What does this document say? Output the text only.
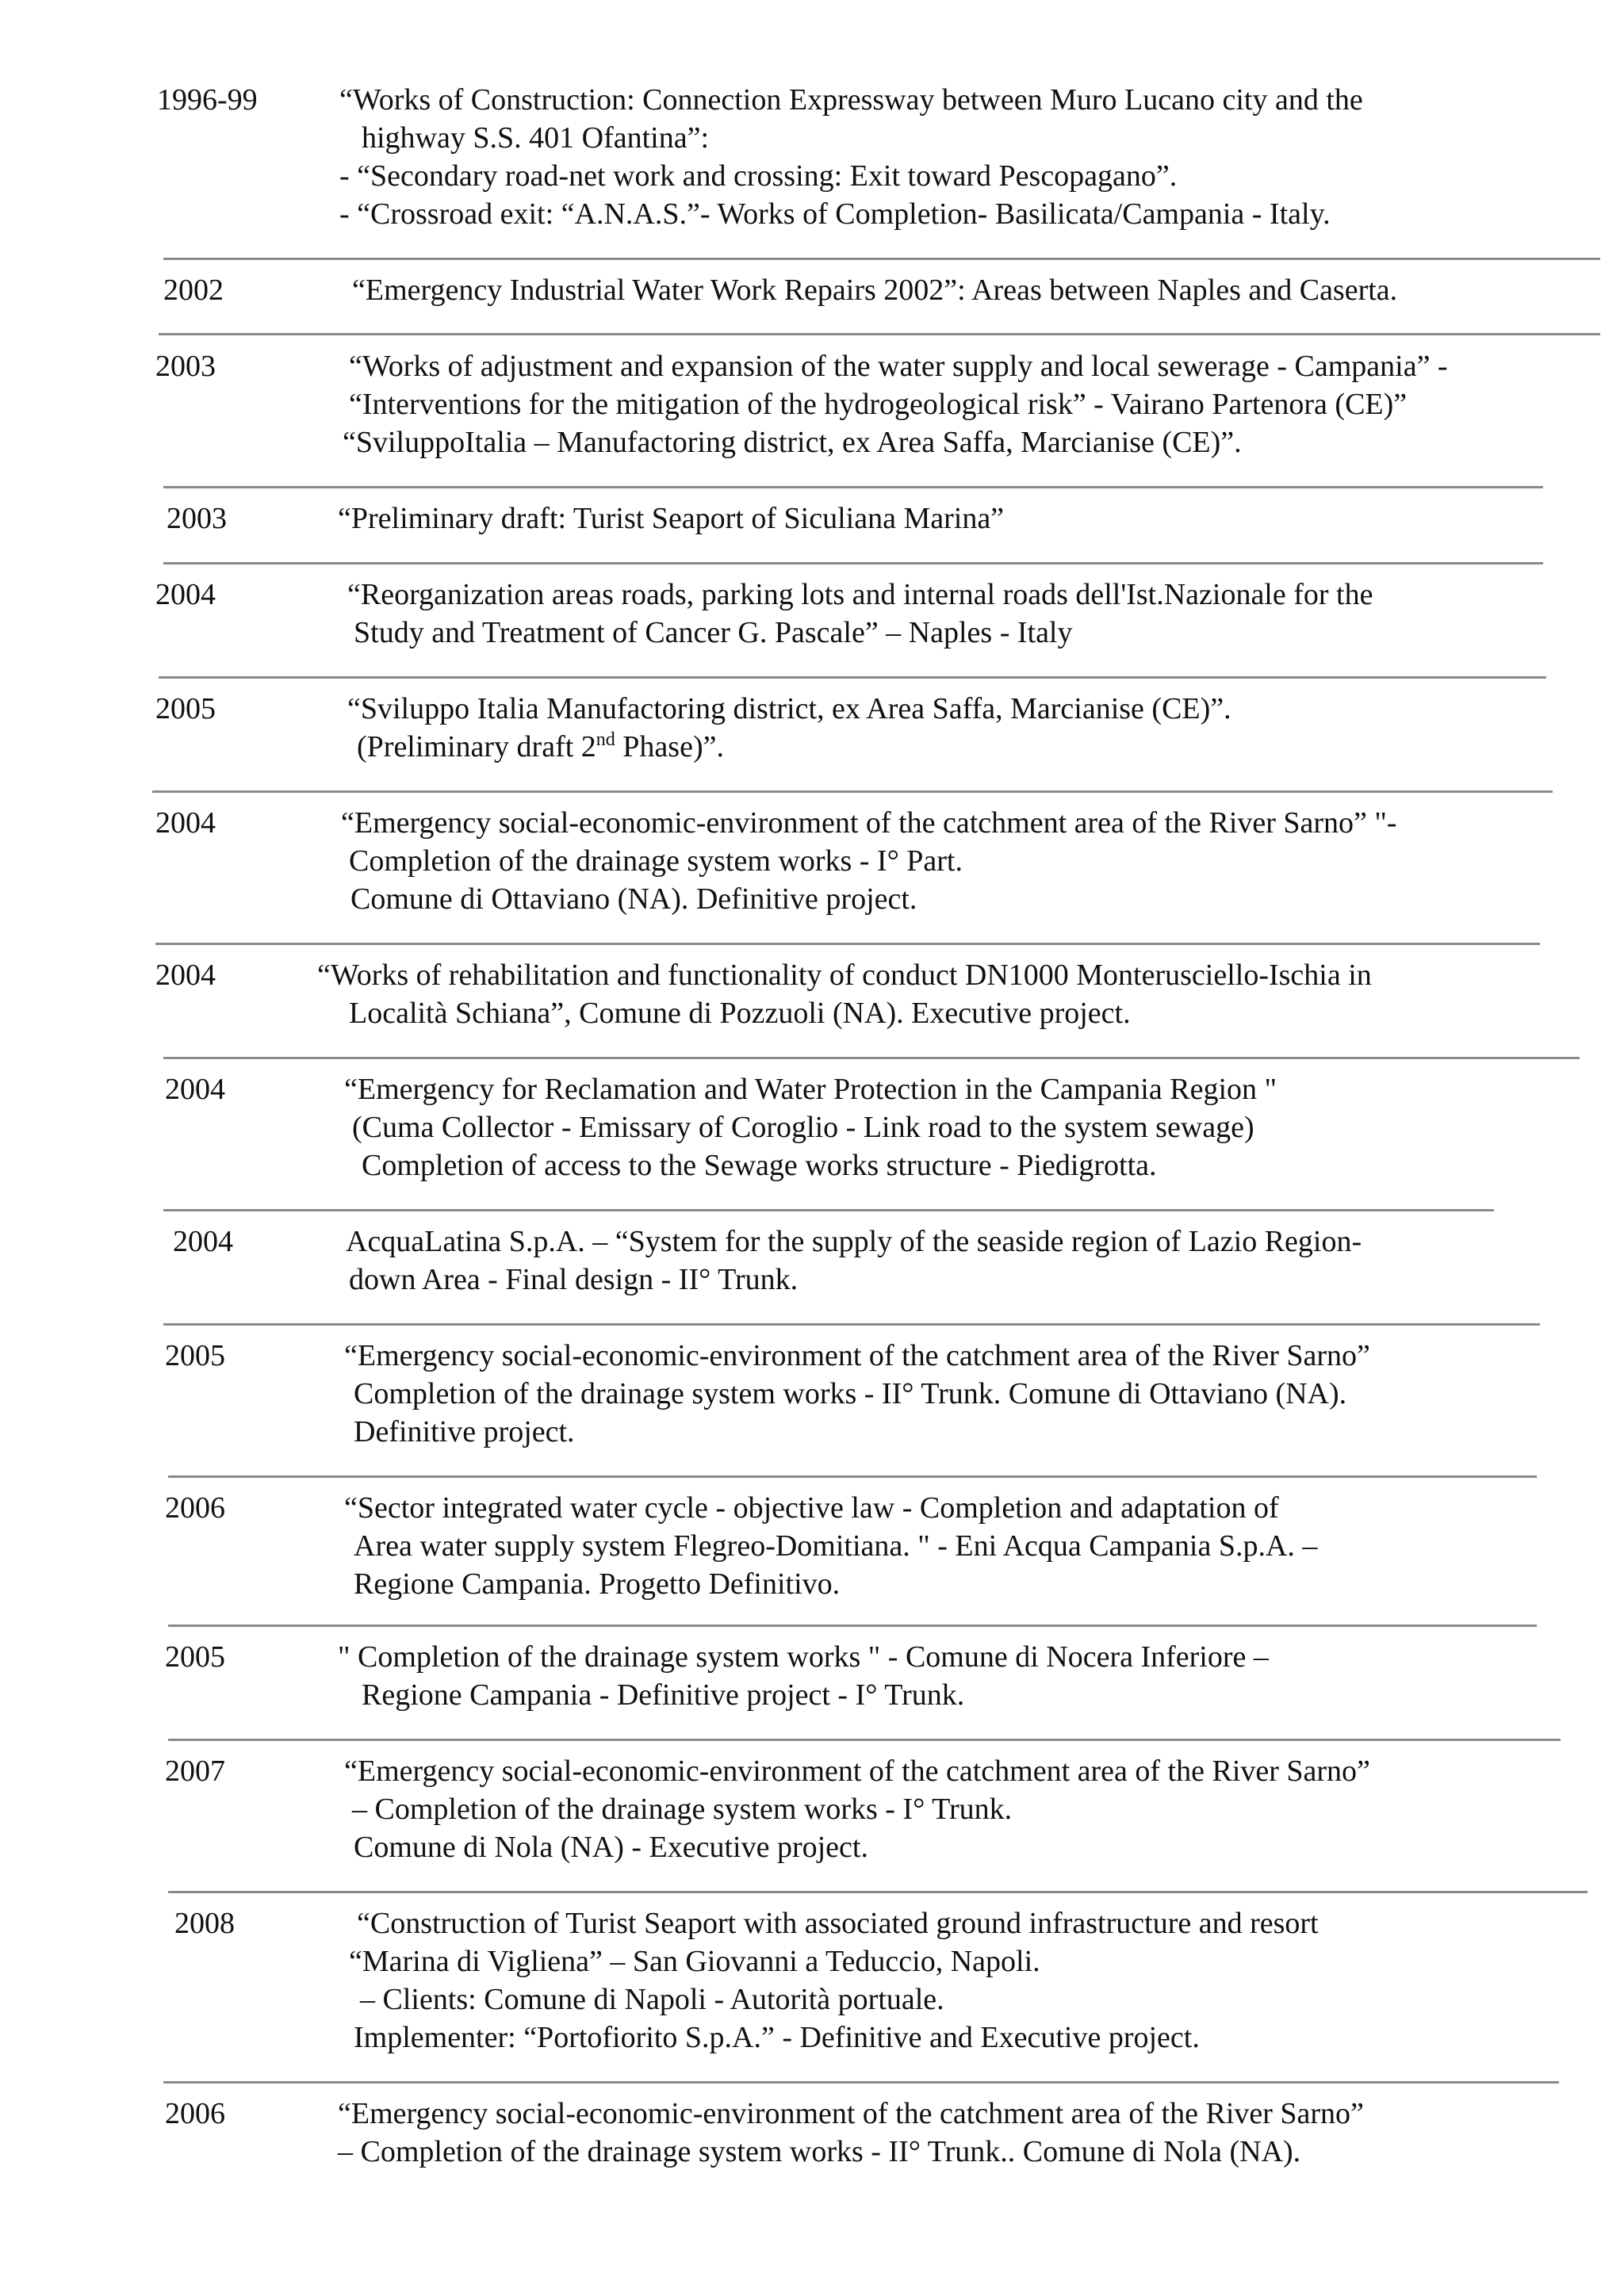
1996-99	“Works of Construction: Connection Expressway between Muro Lucano city and the
highway S.S. 401 Ofantina”:
- “Secondary road-net work and crossing: Exit toward Pescopagano”.
- “Crossroad exit: “A.N.A.S.”- Works of Completion- Basilicata/Campania - Italy.
2002	“Emergency Industrial Water Work Repairs 2002”: Areas between Naples and Caserta.
2003	“Works of adjustment and expansion of the water supply and local sewerage - Campania” -
“Interventions for the mitigation of the hydrogeological risk” - Vairano Partenora (CE)”
“SviluppoItalia – Manufactoring district, ex Area Saffa, Marcianise (CE)”.
2003	“Preliminary draft: Turist Seaport of Siculiana Marina”
2004	“Reorganization areas roads, parking lots and internal roads dell'Ist.Nazionale for the
Study and Treatment of Cancer G. Pascale” – Naples - Italy
2005	“Sviluppo Italia Manufactoring district, ex Area Saffa, Marcianise (CE)”.
(Preliminary draft 2nd Phase)”.
2004	“Emergency social-economic-environment of the catchment area of the River Sarno” "-
Completion of the drainage system works - I° Part.
Comune di Ottaviano (NA). Definitive project.
2004	“Works of rehabilitation and functionality of conduct DN1000 Monterusciello-Ischia in
Località Schiana”, Comune di Pozzuoli (NA). Executive project.
2004	“Emergency for Reclamation and Water Protection in the Campania Region "
(Cuma Collector - Emissary of Coroglio - Link road to the system sewage)
Completion of access to the Sewage works structure - Piedigrotta.
2004	AcquaLatina S.p.A. – “System for the supply of the seaside region of Lazio Region-
down Area - Final design - II° Trunk.
2005	“Emergency social-economic-environment of the catchment area of the River Sarno”
Completion of the drainage system works - II° Trunk. Comune di Ottaviano (NA).
Definitive project.
2006	“Sector integrated water cycle - objective law - Completion and adaptation of
Area water supply system Flegreo-Domitiana. " - Eni Acqua Campania S.p.A. –
Regione Campania. Progetto Definitivo.
2005	" Completion of the drainage system works " - Comune di Nocera Inferiore –
Regione Campania - Definitive project - I° Trunk.
2007	“Emergency social-economic-environment of the catchment area of the River Sarno”
– Completion of the drainage system works - I° Trunk.
Comune di Nola (NA) - Executive project.
2008	“Construction of Turist Seaport with associated ground infrastructure and resort
“Marina di Vigliena” – San Giovanni a Teduccio, Napoli.
– Clients: Comune di Napoli - Autorità portuale.
Implementer: “Portofiorito S.p.A.” - Definitive and Executive project.
2006	“Emergency social-economic-environment of the catchment area of the River Sarno”
– Completion of the drainage system works - II° Trunk.. Comune di Nola (NA).
